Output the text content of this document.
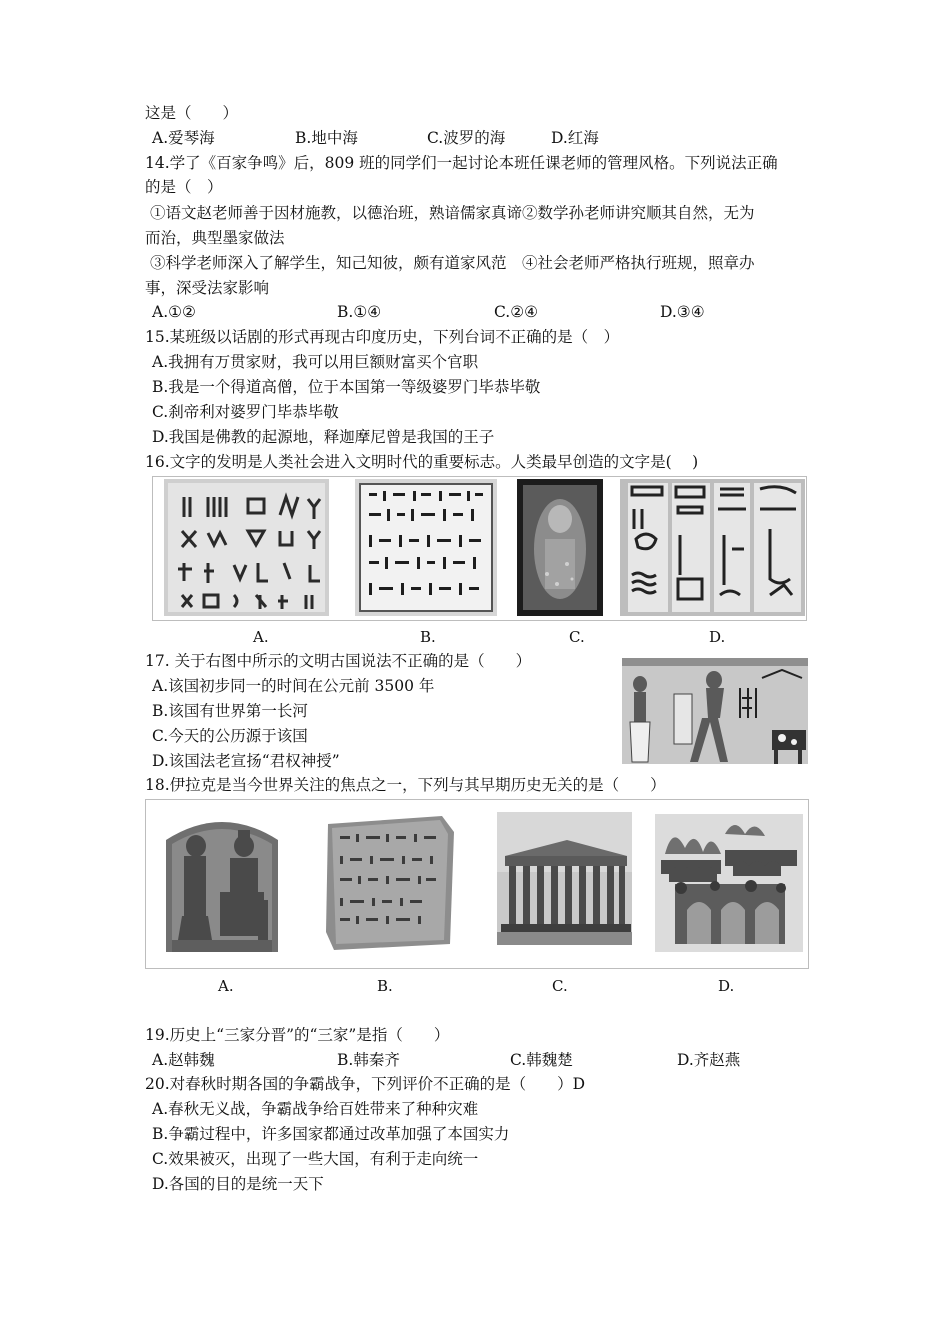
这是（　　）
A.爱琴海	B.地中海	C.波罗的海	D.红海
14.学了《百家争鸣》后，809 班的同学们一起讨论本班任课老师的管理风格。下列说法正确
的是（　）
①语文赵老师善于因材施教，以德治班，熟谙儒家真谛②数学孙老师讲究顺其自然，无为
而治，典型墨家做法
③科学老师深入了解学生，知己知彼，颇有道家风范　④社会老师严格执行班规，照章办
事，深受法家影响
A.①②	B.①④	C.②④	D.③④
15.某班级以话剧的形式再现古印度历史，下列台词不正确的是（　）
A.我拥有万贯家财，我可以用巨额财富买个官职
B.我是一个得道高僧，位于本国第一等级婆罗门毕恭毕敬
C.刹帝利对婆罗门毕恭毕敬
D.我国是佛教的起源地，释迦摩尼曾是我国的王子
16.文字的发明是人类社会进入文明时代的重要标志。人类最早创造的文字是(　 )
A.	B.	C.	D.
17. 关于右图中所示的文明古国说法不正确的是（　　）
A.该国初步同一的时间在公元前 3500 年
B.该国有世界第一长河
C.今天的公历源于该国
D.该国法老宣扬“君权神授”
18.伊拉克是当今世界关注的焦点之一，下列与其早期历史无关的是（　　）
A.	B.	C.	D.
19.历史上“三家分晋”的“三家”是指（　　）
A.赵韩魏	B.韩秦齐	C.韩魏楚	D.齐赵燕
20.对春秋时期各国的争霸战争，下列评价不正确的是（　　）D
A.春秋无义战，争霸战争给百姓带来了种种灾难
B.争霸过程中，许多国家都通过改革加强了本国实力
C.效果被灭，出现了一些大国，有利于走向统一
D.各国的目的是统一天下
